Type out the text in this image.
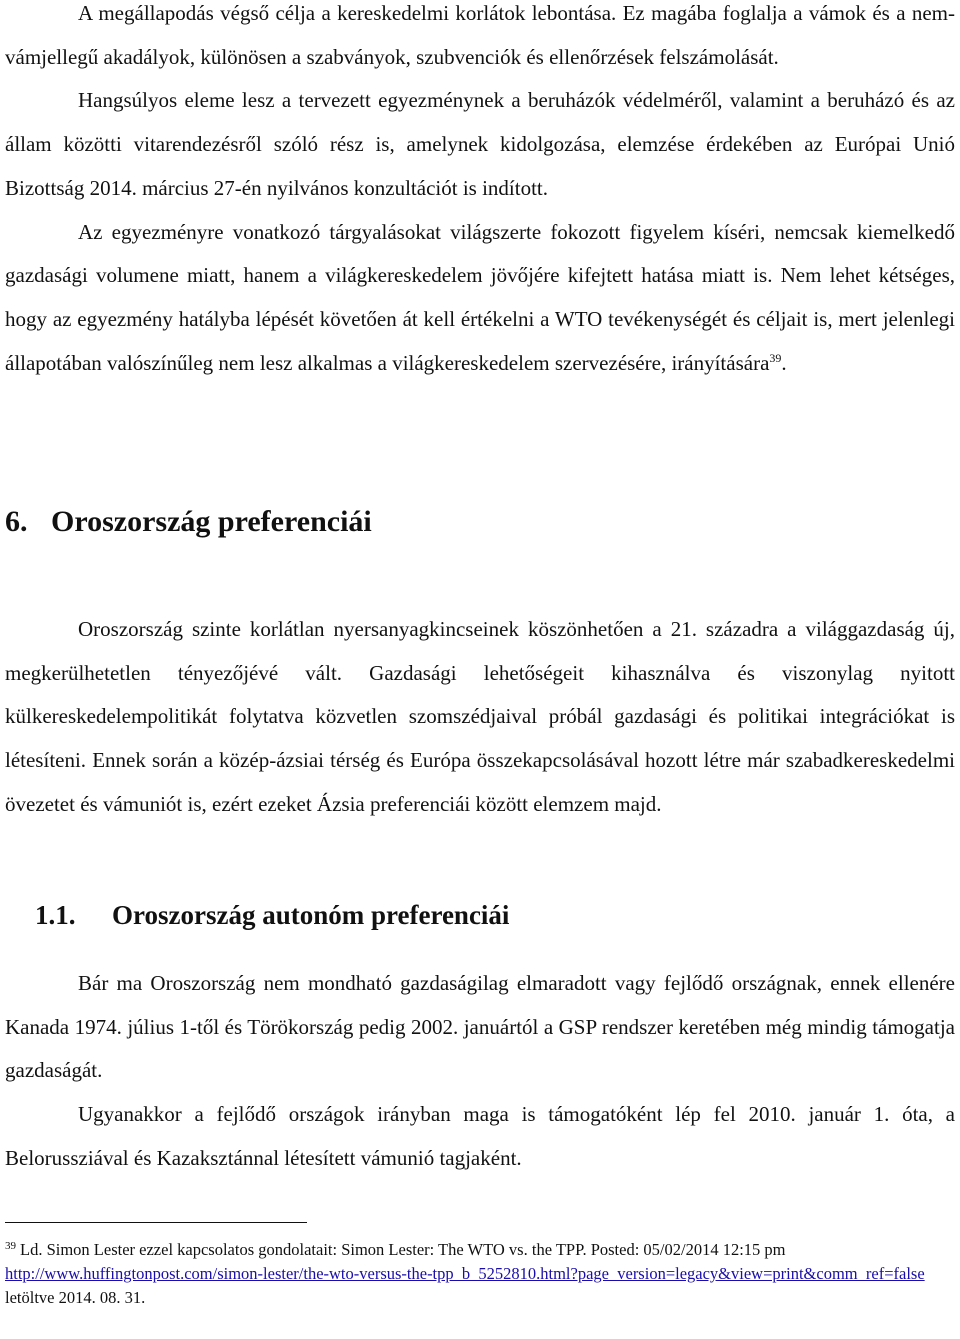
A megállapodás végső célja a kereskedelmi korlátok lebontása. Ez magába foglalja a vámok és a nem-vámjellegű akadályok, különösen a szabványok, szubvenciók és ellenőrzések felszámolását.

Hangsúlyos eleme lesz a tervezett egyezménynek a beruházók védelméről, valamint a beruházó és az állam közötti vitarendezésről szóló rész is, amelynek kidolgozása, elemzése érdekében az Európai Unió Bizottság 2014. március 27-én nyilvános konzultációt is indított.

Az egyezményre vonatkozó tárgyalásokat világszerte fokozott figyelem kíséri, nemcsak kiemelkedő gazdasági volumene miatt, hanem a világkereskedelem jövőjére kifejtett hatása miatt is. Nem lehet kétséges, hogy az egyezmény hatályba lépését követően át kell értékelni a WTO tevékenységét és céljait is, mert jelenlegi állapotában valószínűleg nem lesz alkalmas a világkereskedelem szervezésére, irányítására$^{39}$.

6. Oroszország preferenciái

Oroszország szinte korlátlan nyersanyagkincseinek köszönhetően a 21. századra a világgazdaság új, megkerülhetetlen tényezőjévé vált. Gazdasági lehetőségeit kihasználva és viszonylag nyitott külkereskedelempolitikát folytatva közvetlen szomszédjaival próbál gazdasági és politikai integrációkat is létesíteni. Ennek során a közép-ázsiai térség és Európa összekapcsolásával hozott létre már szabadkereskedelmi övezetet és vámuniót is, ezért ezeket Ázsia preferenciái között elemzem majd.

1.1. Oroszország autonóm preferenciái

Bár ma Oroszország nem mondható gazdaságilag elmaradott vagy fejlődő országnak, ennek ellenére Kanada 1974. július 1-től és Törökország pedig 2002. januártól a GSP rendszer keretében még mindig támogatja gazdaságát.

Ugyanakkor a fejlődő országok irányban maga is támogatóként lép fel 2010. január 1. óta, a Belorussziával és Kazaksztánnal létesített vámunió tagjaként.

$^{39}$ Ld. Simon Lester ezzel kapcsolatos gondolatait: Simon Lester: The WTO vs. the TPP. Posted: 05/02/2014 12:15 pm
http://www.huffingtonpost.com/simon-lester/the-wto-versus-the-tpp_b_5252810.html?page_version=legacy&view=print&comm_ref=false letöltve 2014. 08. 31.
